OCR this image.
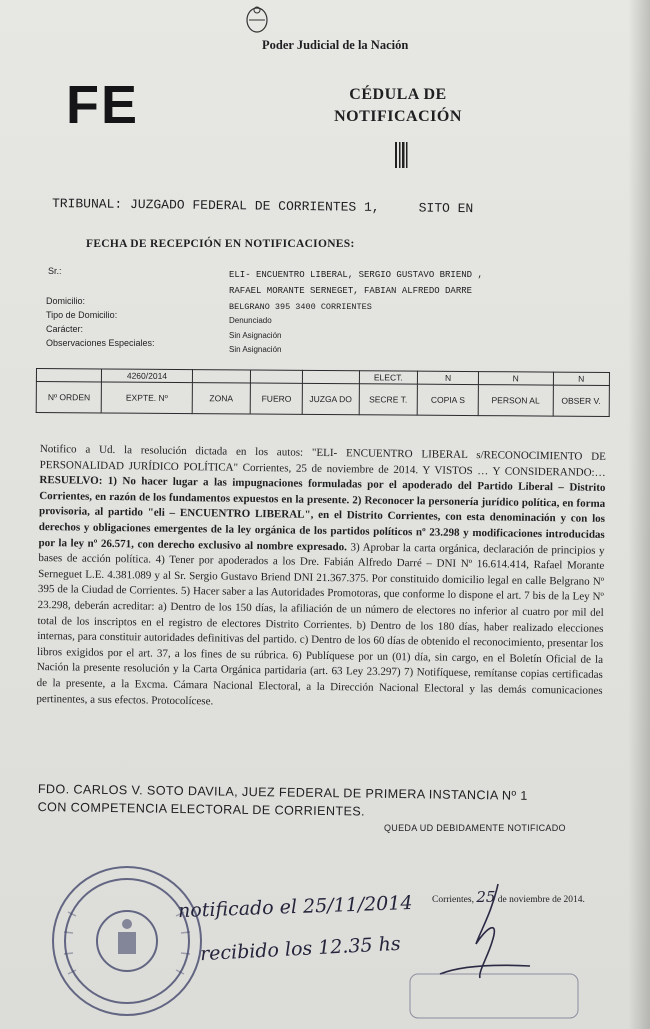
Poder Judicial de la Nación
FE	CÉDULA DE
NOTIFICACIÓN
TRIBUNAL: JUZGADO FEDERAL DE CORRIENTES 1,     SITO EN
FECHA DE RECEPCIÓN EN NOTIFICACIONES:
Sr.:	ELI- ENCUENTRO LIBERAL, SERGIO GUSTAVO BRIEND ,
RAFAEL MORANTE SERNEGET, FABIAN ALFREDO DARRE
Domicilio:
BELGRANO 395 3400 CORRIENTES
Tipo de Domicilio:
Denunciado
Carácter:
Sin Asignación
Observaciones Especiales:
Sin Asignación
	4260/2014				ELECT.	N	N	N
Nº ORDEN	EXPTE. Nº	ZONA	FUERO	JUZGA DO	SECRE T.	COPIA S	PERSON AL	OBSER V.
Notifico a Ud. la resolución dictada en los autos: "ELI- ENCUENTRO LIBERAL s/RECONOCIMIENTO DE PERSONALIDAD JURÍDICO POLÍTICA" Corrientes, 25 de noviembre de 2014. Y VISTOS … Y CONSIDERANDO:…RESUELVO: 1) No hacer lugar a las impugnaciones formuladas por el apoderado del Partido Liberal – Distrito Corrientes, en razón de los fundamentos expuestos en la presente. 2) Reconocer la personería jurídico política, en forma provisoria, al partido "eli – ENCUENTRO LIBERAL", en el Distrito Corrientes, con esta denominación y con los derechos y obligaciones emergentes de la ley orgánica de los partidos políticos nº 23.298 y modificaciones introducidas por la ley nº 26.571, con derecho exclusivo al nombre expresado. 3) Aprobar la carta orgánica, declaración de principios y bases de acción política. 4) Tener por apoderados a los Dre. Fabián Alfredo Darré – DNI Nº 16.614.414, Rafael Morante Serneguet L.E. 4.381.089 y al Sr. Sergio Gustavo Briend DNI 21.367.375. Por constituido domicilio legal en calle Belgrano Nº 395 de la Ciudad de Corrientes. 5) Hacer saber a las Autoridades Promotoras, que conforme lo dispone el art. 7 bis de la Ley Nº 23.298, deberán acreditar: a) Dentro de los 150 días, la afiliación de un número de electores no inferior al cuatro por mil del total de los inscriptos en el registro de electores Distrito Corrientes. b) Dentro de los 180 días, haber realizado elecciones internas, para constituir autoridades definitivas del partido. c) Dentro de los 60 días de obtenido el reconocimiento, presentar los libros exigidos por el art. 37, a los fines de su rúbrica. 6) Publíquese por un (01) día, sin cargo, en el Boletín Oficial de la Nación la presente resolución y la Carta Orgánica partidaria (art. 63 Ley 23.297) 7) Notifíquese, remítanse copias certificadas de la presente, a la Excma. Cámara Nacional Electoral, a la Dirección Nacional Electoral y las demás comunicaciones pertinentes, a sus efectos. Protocolícese.
FDO. CARLOS V. SOTO DAVILA, JUEZ FEDERAL DE PRIMERA INSTANCIA Nº 1
CON COMPETENCIA ELECTORAL DE CORRIENTES.
QUEDA UD DEBIDAMENTE NOTIFICADO
Corrientes, 25 de noviembre de 2014.
notificado el 25/11/2014
recibido los 12.35 hs
